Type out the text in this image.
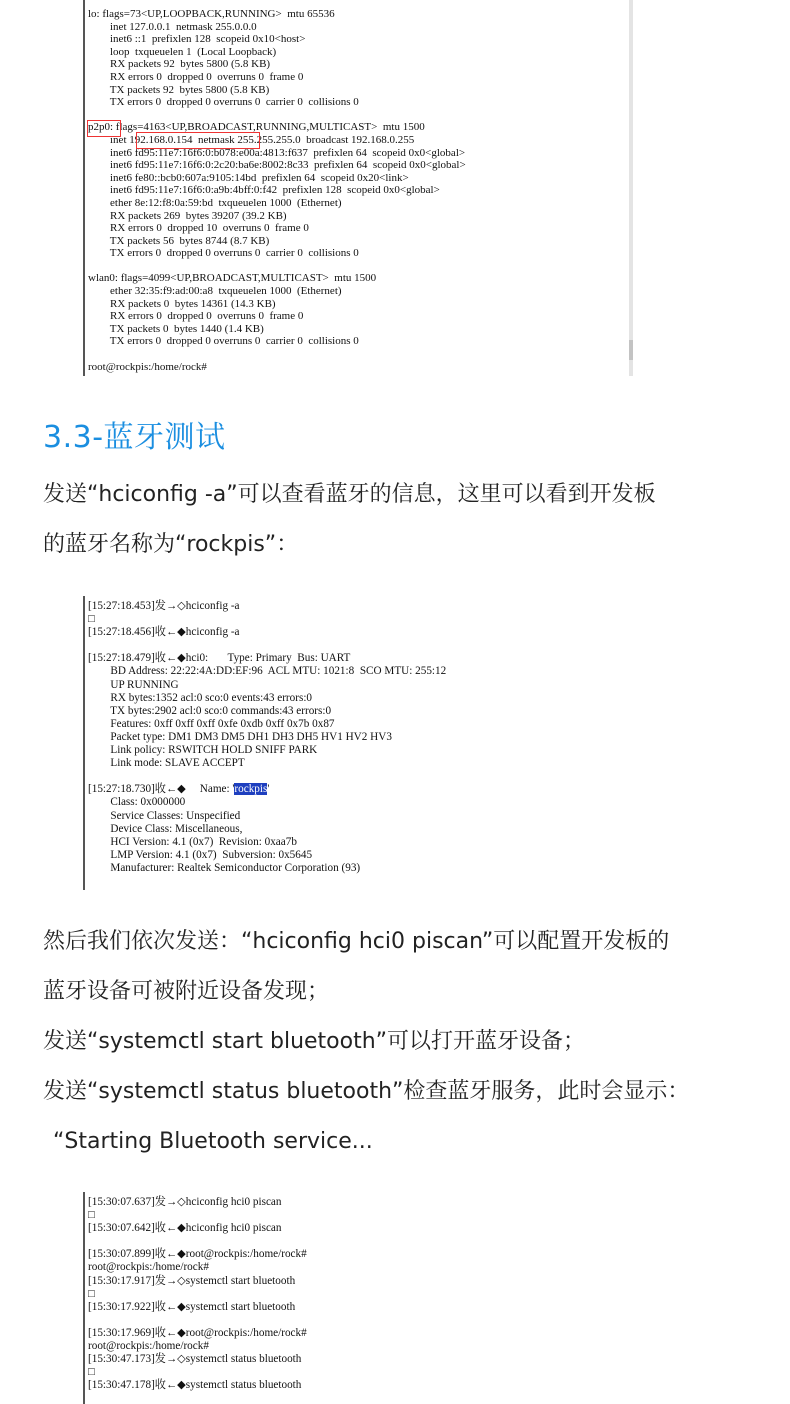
lo: flags=73<UP,LOOPBACK,RUNNING>  mtu 65536
inet 127.0.0.1  netmask 255.0.0.0
inet6 ::1  prefixlen 128  scopeid 0x10<host>
loop  txqueuelen 1  (Local Loopback)
RX packets 92  bytes 5800 (5.8 KB)
RX errors 0  dropped 0  overruns 0  frame 0
TX packets 92  bytes 5800 (5.8 KB)
TX errors 0  dropped 0 overruns 0  carrier 0  collisions 0

p2p0: flags=4163<UP,BROADCAST,RUNNING,MULTICAST>  mtu 1500
inet 192.168.0.154  netmask 255.255.255.0  broadcast 192.168.0.255
inet6 fd95:11e7:16f6:0:b078:e00a:4813:f637  prefixlen 64  scopeid 0x0<global>
inet6 fd95:11e7:16f6:0:2c20:ba6e:8002:8c33  prefixlen 64  scopeid 0x0<global>
inet6 fe80::bcb0:607a:9105:14bd  prefixlen 64  scopeid 0x20<link>
inet6 fd95:11e7:16f6:0:a9b:4bff:0:f42  prefixlen 128  scopeid 0x0<global>
ether 8e:12:f8:0a:59:bd  txqueuelen 1000  (Ethernet)
RX packets 269  bytes 39207 (39.2 KB)
RX errors 0  dropped 10  overruns 0  frame 0
TX packets 56  bytes 8744 (8.7 KB)
TX errors 0  dropped 0 overruns 0  carrier 0  collisions 0

wlan0: flags=4099<UP,BROADCAST,MULTICAST>  mtu 1500
ether 32:35:f9:ad:00:a8  txqueuelen 1000  (Ethernet)
RX packets 0  bytes 14361 (14.3 KB)
RX errors 0  dropped 0  overruns 0  frame 0
TX packets 0  bytes 1440 (1.4 KB)
TX errors 0  dropped 0 overruns 0  carrier 0  collisions 0

root@rockpis:/home/rock#
3.3-蓝牙测试
发送“hciconfig -a”可以查看蓝牙的信息，这里可以看到开发板
的蓝牙名称为“rockpis”：
[15:27:18.453]发→◇hciconfig -a
□
[15:27:18.456]收←◆hciconfig -a

[15:27:18.479]收←◆hci0:       Type: Primary  Bus: UART
BD Address: 22:22:4A:DD:EF:96  ACL MTU: 1021:8  SCO MTU: 255:12
UP RUNNING
RX bytes:1352 acl:0 sco:0 events:43 errors:0
TX bytes:2902 acl:0 sco:0 commands:43 errors:0
Features: 0xff 0xff 0xff 0xfe 0xdb 0xff 0x7b 0x87
Packet type: DM1 DM3 DM5 DH1 DH3 DH5 HV1 HV2 HV3
Link policy: RSWITCH HOLD SNIFF PARK
Link mode: SLAVE ACCEPT

[15:27:18.730]收←◆     Name: 'rockpis'
Class: 0x000000
Service Classes: Unspecified
Device Class: Miscellaneous,
HCI Version: 4.1 (0x7)  Revision: 0xaa7b
LMP Version: 4.1 (0x7)  Subversion: 0x5645
Manufacturer: Realtek Semiconductor Corporation (93)
然后我们依次发送：“hciconfig hci0 piscan”可以配置开发板的
蓝牙设备可被附近设备发现；
发送“systemctl start bluetooth”可以打开蓝牙设备；
发送“systemctl status bluetooth”检查蓝牙服务，此时会显示：
“Starting Bluetooth service...
[15:30:07.637]发→◇hciconfig hci0 piscan
□
[15:30:07.642]收←◆hciconfig hci0 piscan

[15:30:07.899]收←◆root@rockpis:/home/rock#
root@rockpis:/home/rock#
[15:30:17.917]发→◇systemctl start bluetooth
□
[15:30:17.922]收←◆systemctl start bluetooth

[15:30:17.969]收←◆root@rockpis:/home/rock#
root@rockpis:/home/rock#
[15:30:47.173]发→◇systemctl status bluetooth
□
[15:30:47.178]收←◆systemctl status bluetooth
